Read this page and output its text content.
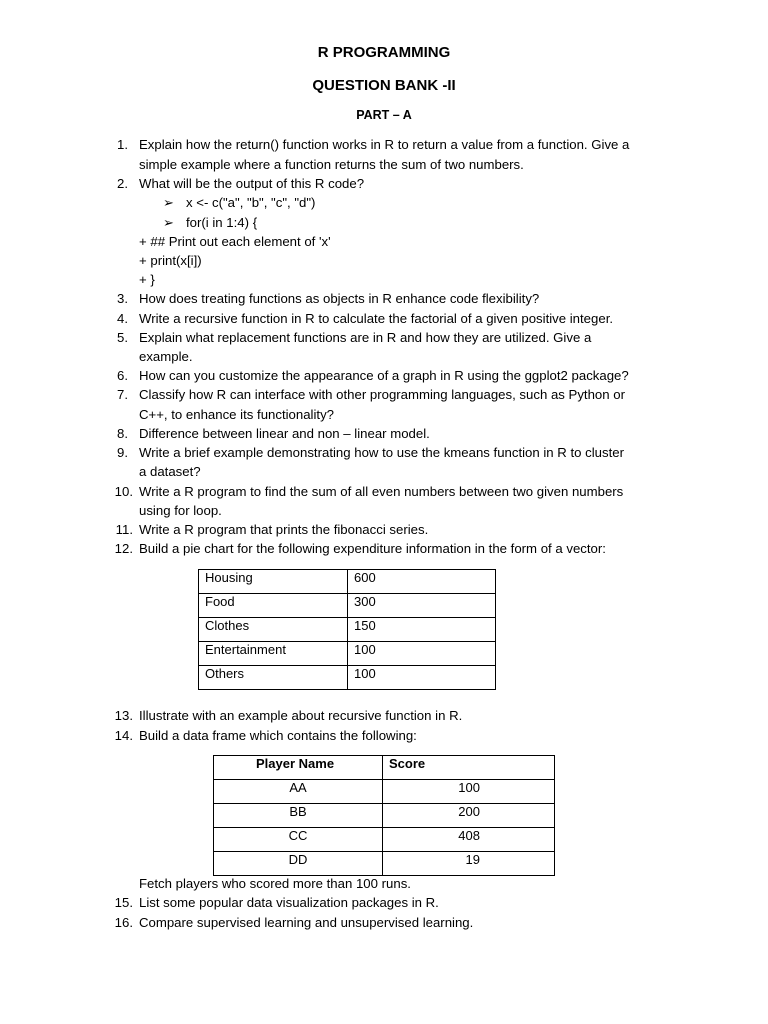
R PROGRAMMING
QUESTION BANK -II
PART – A
1. Explain how the return() function works in R to return a value from a function. Give a
simple example where a function returns the sum of two numbers.
2. What will be the output of this R code?
➢ x <- c("a", "b", "c", "d")
➢ for(i in 1:4) {
+ ## Print out each element of 'x'
+ print(x[i])
+ }
3. How does treating functions as objects in R enhance code flexibility?
4. Write a recursive function in R to calculate the factorial of a given positive integer.
5. Explain what replacement functions are in R and how they are utilized. Give a
example.
6. How can you customize the appearance of a graph in R using the ggplot2 package?
7. Classify how R can interface with other programming languages, such as Python or
C++, to enhance its functionality?
8. Difference between linear and non – linear model.
9. Write a brief example demonstrating how to use the kmeans function in R to cluster
a dataset?
10. Write a R program to find the sum of all even numbers between two given numbers
using for loop.
11. Write a R program that prints the fibonacci series.
12. Build a pie chart for the following expenditure information in the form of a vector:
Housing	600
Food	300
Clothes	150
Entertainment	100
Others	100
13. Illustrate with an example about recursive function in R.
14. Build a data frame which contains the following:
Player Name	Score
AA	100
BB	200
CC	408
DD	19
Fetch players who scored more than 100 runs.
15. List some popular data visualization packages in R.
16. Compare supervised learning and unsupervised learning.
